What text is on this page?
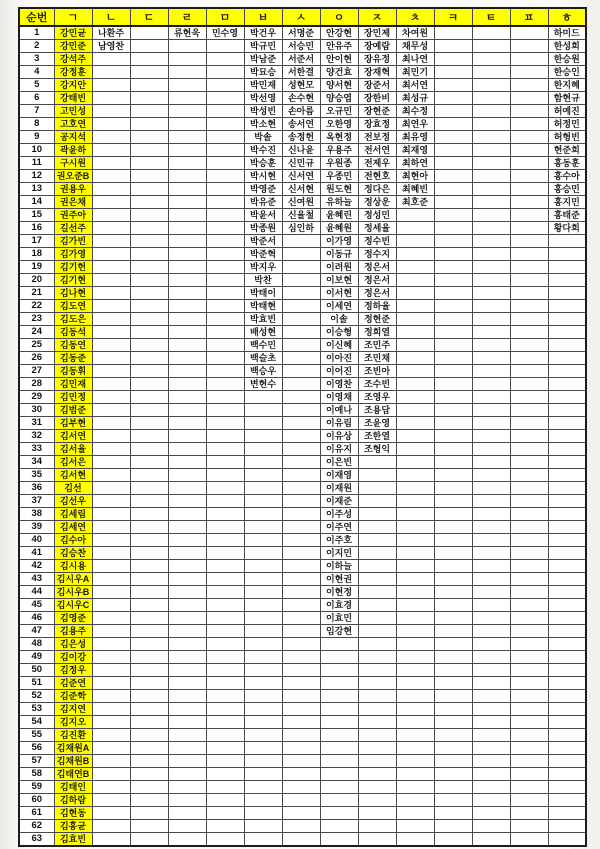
순번	ㄱ	ㄴ	ㄷ	ㄹ	ㅁ	ㅂ	ㅅ	ㅇ	ㅈ	ㅊ	ㅋ	ㅌ	ㅍ	ㅎ
1	강민균	나환주		류현욱	민수영	박건우	서명준	안강현	장민제	차여원				하미드
2	강민준	남영찬				박규민	서승민	안유주	장예람	채무성				한성희
3	강석주					박남준	서준서	안이현	장유정	최나연				한승원
4	강정훈					박묘승	서한결	양건효	장재혁	최민기				한승인
5	강지안					박민재	성현모	양서현	장준서	최서연				한지혜
6	강태빈					박선영	손수현	양승엽	장한비	최성규				함현규
7	고민성					박성빈	손아름	오규민	장현준	최수정				허예진
8	고호연					박소현	송서연	오한영	장효정	최연우				허정민
9	공지석					박솔	송정헌	옥현정	전보정	최유영				허형빈
10	곽윤하					박수진	신나윤	우용주	전서연	최재영				현준희
11	구시원					박승훈	신민규	우원종	전제우	최하연				홍동훈
12	권오준B					박시현	신서연	우종민	전현호	최현아				홍수아
13	권용우					박영준	신서현	원도현	정다은	최혜빈				홍승민
14	권은채					박유준	신여원	유하늘	정상운	최호준				홍지민
15	권주아					박윤서	신율철	윤혜린	정성민					홍태준
16	길선주					박종원	심인하	윤혜원	정세율					황다희
17	김가빈					박준서		이가영	정수빈					
18	김가영					박준혁		이동규	정수지					
19	김기헌					박지우		이려원	정은서					
20	김기현					박찬		이보현	정은서					
21	김나현					박태이		이서현	정은서					
22	김도연					박태현		이세연	정하율					
23	김도은					박효빈		이솔	정현준					
24	김동석					배성현		이승형	정희열					
25	김동연					백수민		이신혜	조민주					
26	김동준					백슬초		이아진	조민채					
27	김동휘					백승우		이어진	조빈아					
28	김민재					변현수		이영찬	조수빈					
29	김민정							이영채	조영우					
30	김범준							이예나	조용담					
31	김부현							이유림	조윤영					
32	김서연							이유상	조한열					
33	김서율							이유지	조형익					
34	김서은							이은빈						
35	김서현							이재영						
36	김선							이재원						
37	김선우							이재준						
38	김세림							이주성						
39	김세연							이주연						
40	김수아							이주호						
41	김승찬							이지민						
42	김시용							이하늘						
43	김시우A							이현권						
44	김시우B							이현정						
45	김시우C							이효경						
46	김영준							이효민						
47	김용주							임강현						
48	김은성													
49	김이강													
50	김정우													
51	김준연													
52	김준학													
53	김지연													
54	김지오													
55	김진환													
56	김채원A													
57	김채원B													
58	김태연B													
59	김태인													
60	김하람													
61	김현동													
62	김홍균													
63	김효빈													
